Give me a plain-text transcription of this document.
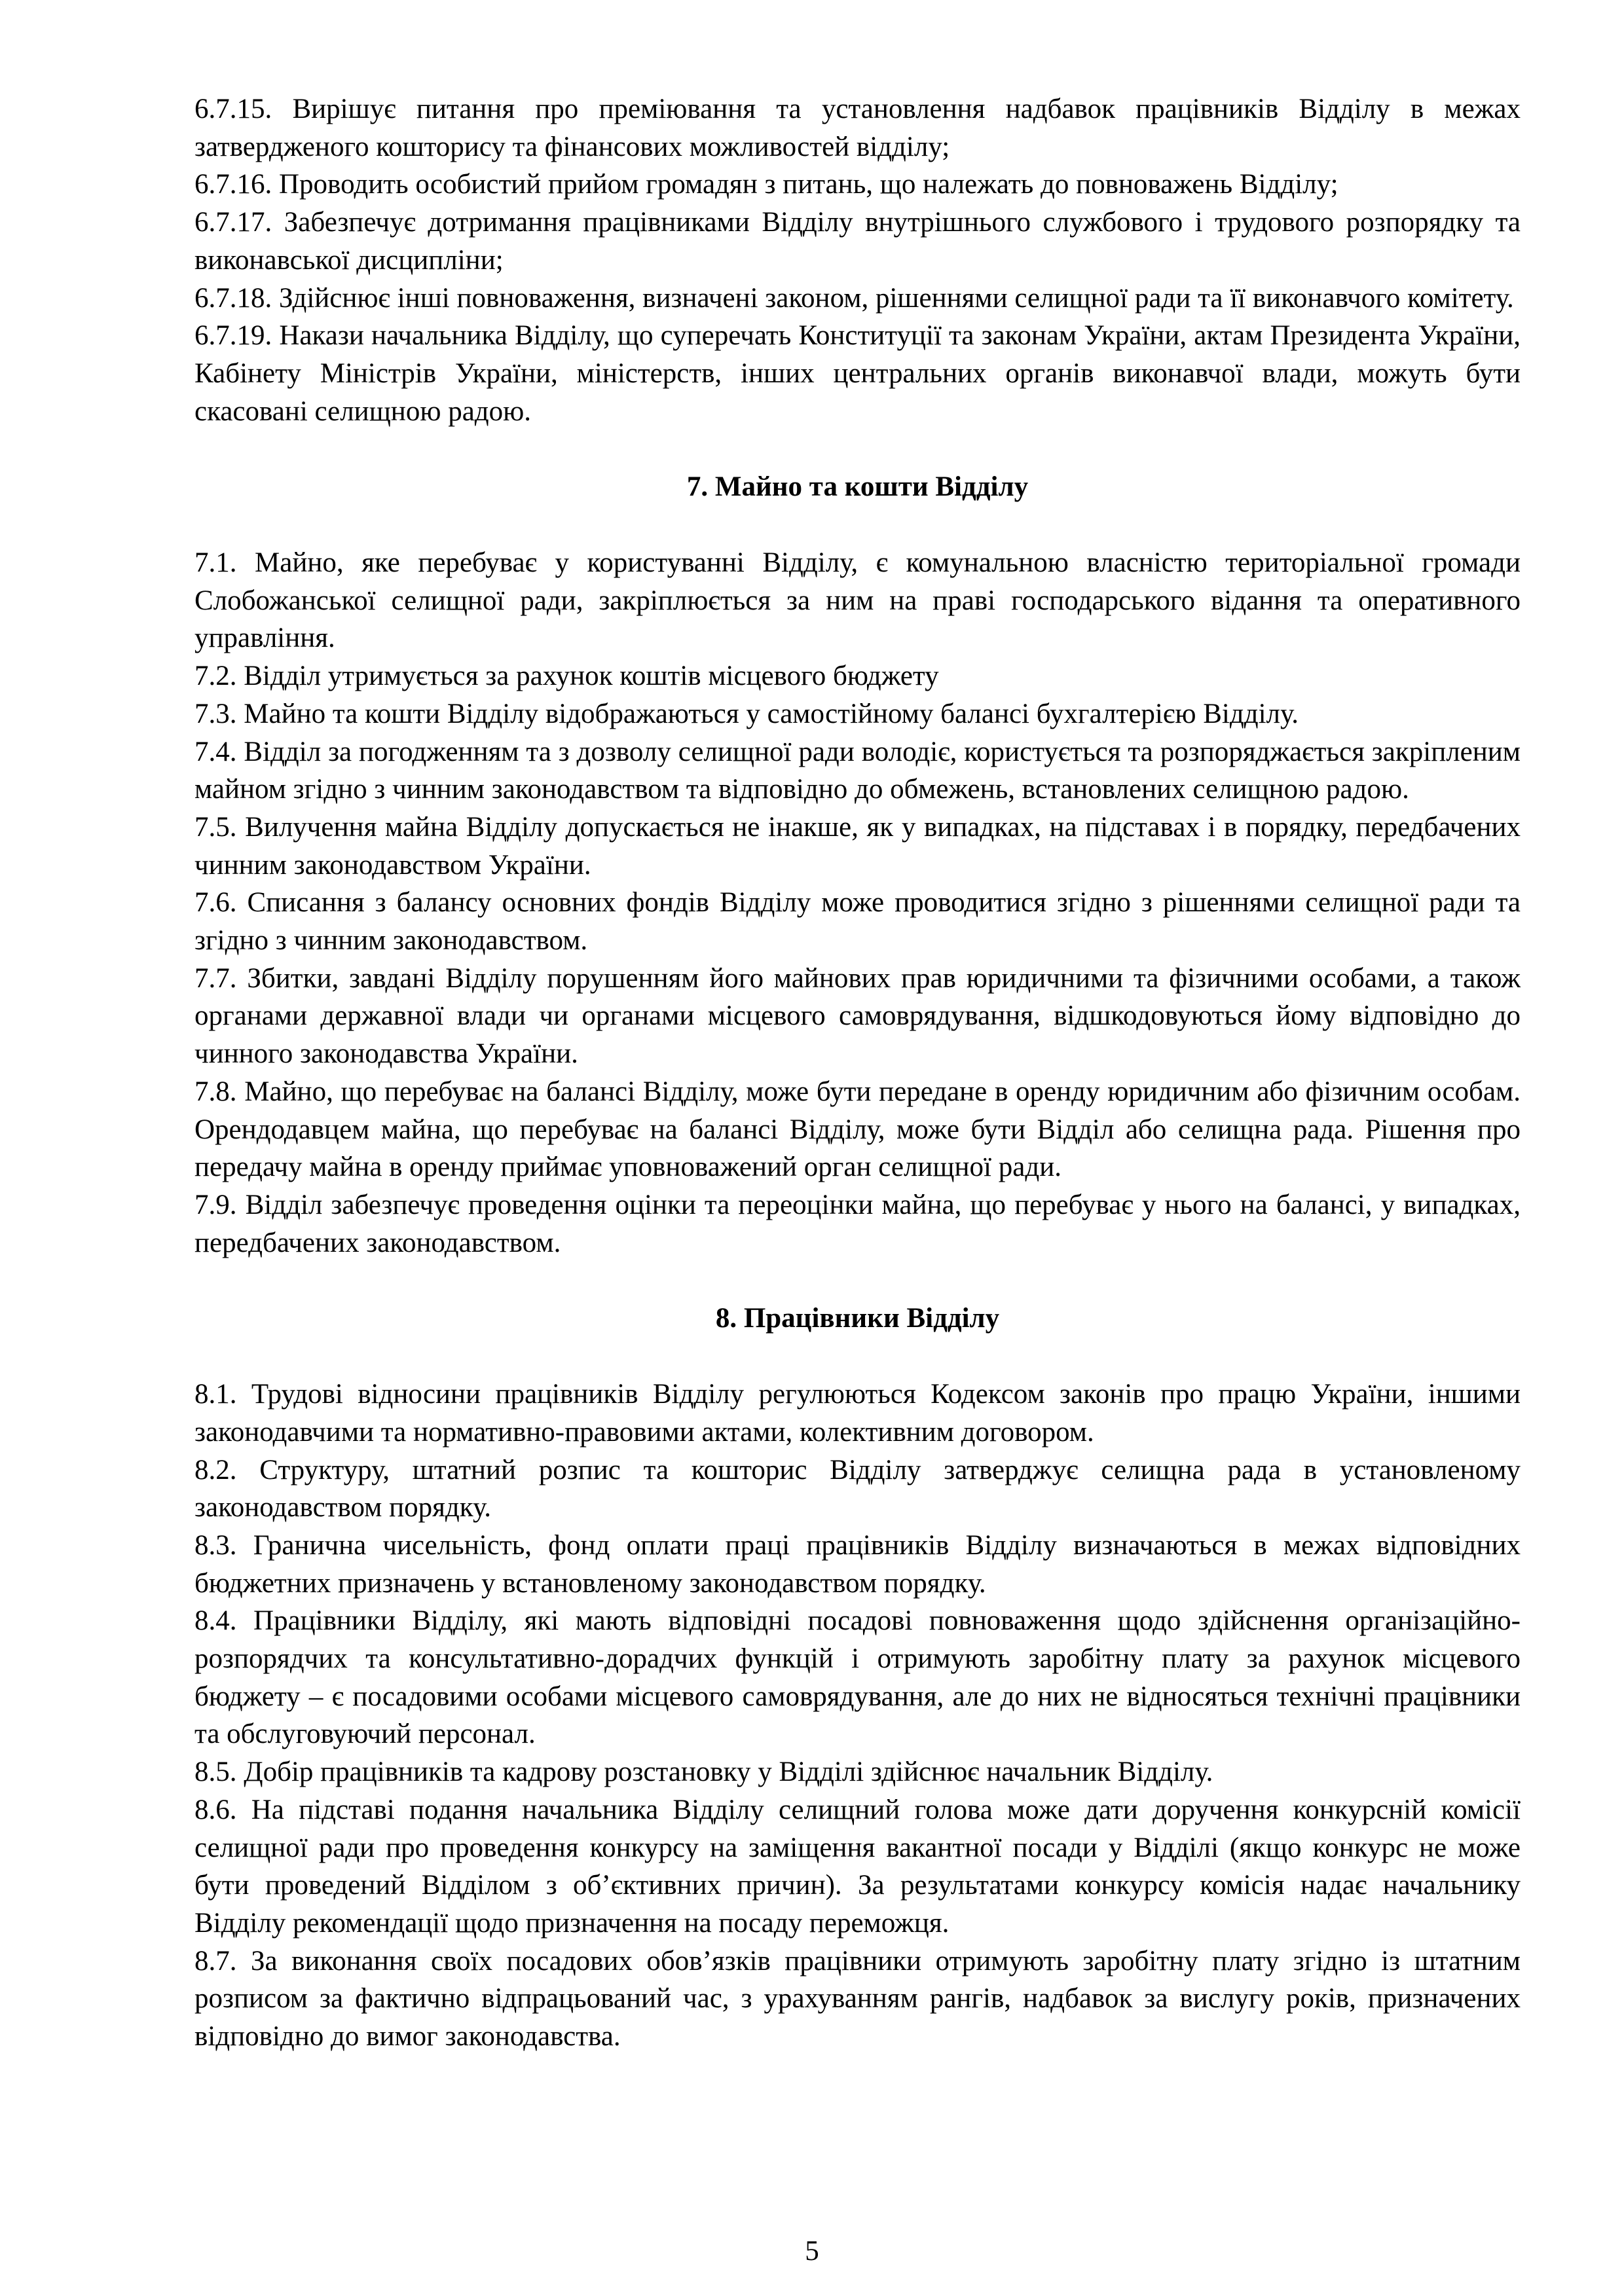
6.7.15. Вирішує питання про преміювання та установлення надбавок працівників Відділу в межах затвердженого кошторису та фінансових можливостей відділу;

6.7.16. Проводить особистий прийом громадян з питань, що належать до повноважень Відділу;

6.7.17. Забезпечує дотримання працівниками Відділу внутрішнього службового і трудового розпорядку та виконавської дисципліни;

6.7.18. Здійснює інші повноваження, визначені законом, рішеннями селищної ради та її виконавчого комітету.

6.7.19. Накази начальника Відділу, що суперечать Конституції та законам України, актам Президента України, Кабінету Міністрів України, міністерств, інших центральних органів виконавчої влади, можуть бути скасовані селищною радою.

7. Майно та кошти Відділу

7.1. Майно, яке перебуває у користуванні Відділу, є комунальною власністю територіальної громади Слобожанської селищної ради, закріплюється за ним на праві господарського відання та оперативного управління.

7.2. Відділ утримується за рахунок коштів місцевого бюджету

7.3. Майно та кошти Відділу відображаються у самостійному балансі бухгалтерією Відділу.

7.4. Відділ за погодженням та з дозволу селищної ради володіє, користується та розпоряджається закріпленим майном згідно з чинним законодавством та відповідно до обмежень, встановлених селищною радою.

7.5. Вилучення майна Відділу допускається не інакше, як у випадках, на підставах і в порядку, передбачених чинним законодавством України.

7.6. Списання з балансу основних фондів Відділу може проводитися згідно з рішеннями селищної ради та згідно з чинним законодавством.

7.7. Збитки, завдані Відділу порушенням його майнових прав юридичними та фізичними особами, а також органами державної влади чи органами місцевого самоврядування, відшкодовуються йому відповідно до чинного законодавства України.

7.8. Майно, що перебуває на балансі Відділу, може бути передане в оренду юридичним або фізичним особам. Орендодавцем майна, що перебуває на балансі Відділу, може бути Відділ або селищна рада. Рішення про передачу майна в оренду приймає уповноважений орган селищної ради.

7.9. Відділ забезпечує проведення оцінки та переоцінки майна, що перебуває у нього на балансі, у випадках, передбачених законодавством.

8. Працівники Відділу

8.1. Трудові відносини працівників Відділу регулюються Кодексом законів про працю України, іншими законодавчими та нормативно-правовими актами, колективним договором.

8.2. Структуру, штатний розпис та кошторис Відділу затверджує селищна рада в установленому законодавством порядку.

8.3. Гранична чисельність, фонд оплати праці працівників Відділу визначаються в межах відповідних бюджетних призначень у встановленому законодавством порядку.

8.4. Працівники Відділу, які мають відповідні посадові повноваження щодо здійснення організаційно-розпорядчих та консультативно-дорадчих функцій і отримують заробітну плату за рахунок місцевого бюджету – є посадовими особами місцевого самоврядування, але до них не відносяться технічні працівники та обслуговуючий персонал.

8.5. Добір працівників та кадрову розстановку у Відділі здійснює начальник Відділу.

8.6. На підставі подання начальника Відділу селищний голова може дати доручення конкурсній комісії селищної ради про проведення конкурсу на заміщення вакантної посади у Відділі (якщо конкурс не може бути проведений Відділом з об’єктивних причин). За результатами конкурсу комісія надає начальнику Відділу рекомендації щодо призначення на посаду переможця.

8.7. За виконання своїх посадових обов’язків працівники отримують заробітну плату згідно із штатним розписом за фактично відпрацьований час, з урахуванням рангів, надбавок за вислугу років, призначених відповідно до вимог законодавства.

5
